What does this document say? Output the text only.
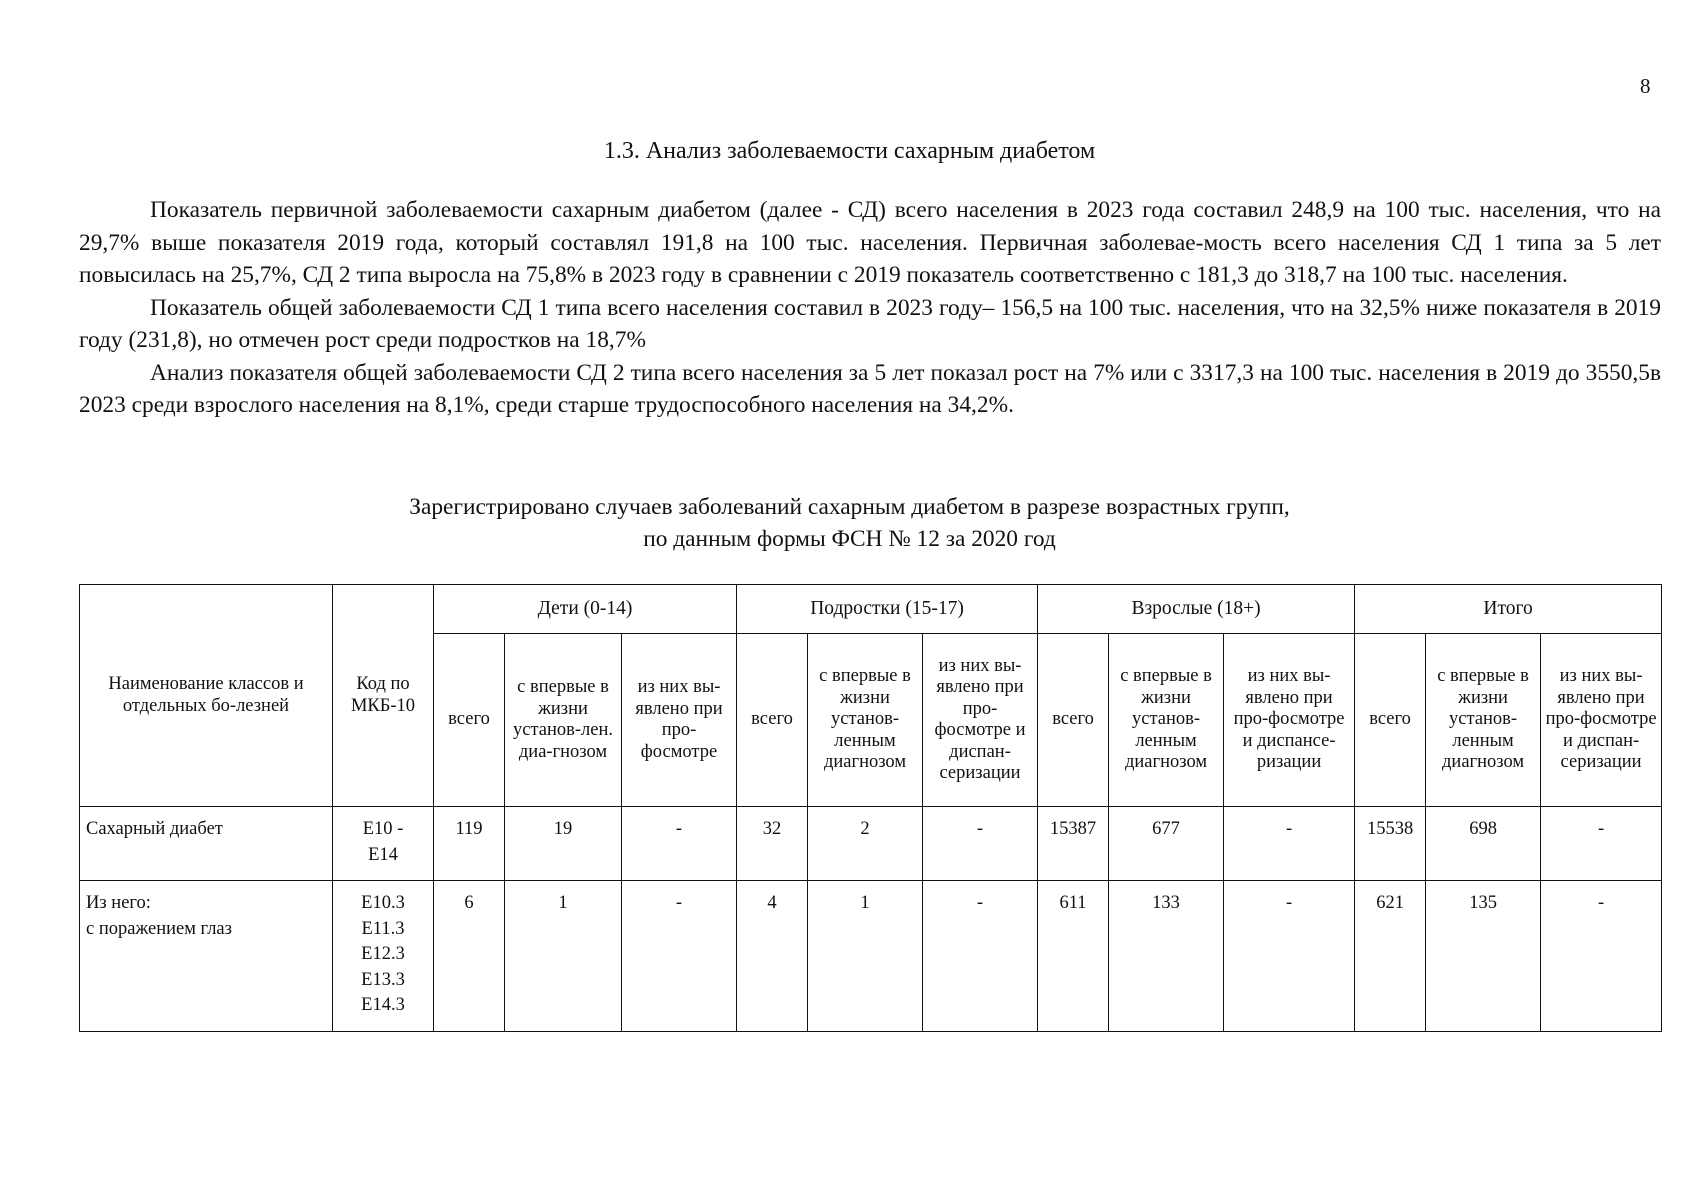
8
1.3. Анализ заболеваемости сахарным диабетом

Показатель первичной заболеваемости сахарным диабетом (далее - СД) всего населения в 2023 года составил 248,9 на 100 тыс. населения, что на 29,7% выше показателя 2019 года, который составлял 191,8 на 100 тыс. населения. Первичная заболевае-мость всего населения СД 1 типа за 5 лет повысилась на 25,7%, СД 2 типа выросла на 75,8% в 2023 году в сравнении с 2019 показатель соответственно с 181,3 до 318,7 на 100 тыс. населения.

Показатель общей заболеваемости СД 1 типа всего населения составил в 2023 году– 156,5 на 100 тыс. населения, что на 32,5% ниже показателя в 2019 году (231,8), но отмечен рост среди подростков на 18,7%

Анализ показателя общей заболеваемости СД 2 типа всего населения за 5 лет показал рост на 7% или с 3317,3 на 100 тыс. населения в 2019 до 3550,5в 2023 среди взрослого населения на 8,1%, среди старше трудоспособного населения на 34,2%.

Зарегистрировано случаев заболеваний сахарным диабетом в разрезе возрастных групп,
по данным формы ФСН № 12 за 2020 год
Наименование классов и отдельных бо-лезней	Код по МКБ-10	Дети (0-14)			Подростки (15-17)			Взрослые (18+)			Итого		
		всего	с впервые в жизни установ-лен. диа-гнозом	из них вы-явлено при про-фосмотре	всего	с впервые в жизни установ-ленным диагнозом	из них вы-явлено при про-фосмотре и диспан-серизации	всего	с впервые в жизни установ-ленным диагнозом	из них вы-явлено при про-фосмотре и диспансе-ризации	всего	с впервые в жизни установ-ленным диагнозом	из них вы-явлено при про-фосмотре и диспан-серизации

Сахарный диабет	E10 -
E14	119	19	-	32	2	-	15387	677	-	15538	698	-

Из него:
с поражением глаз	E10.3
E11.3
E12.3
E13.3
E14.3	6	1	-	4	1	-	611	133	-	621	135	-
